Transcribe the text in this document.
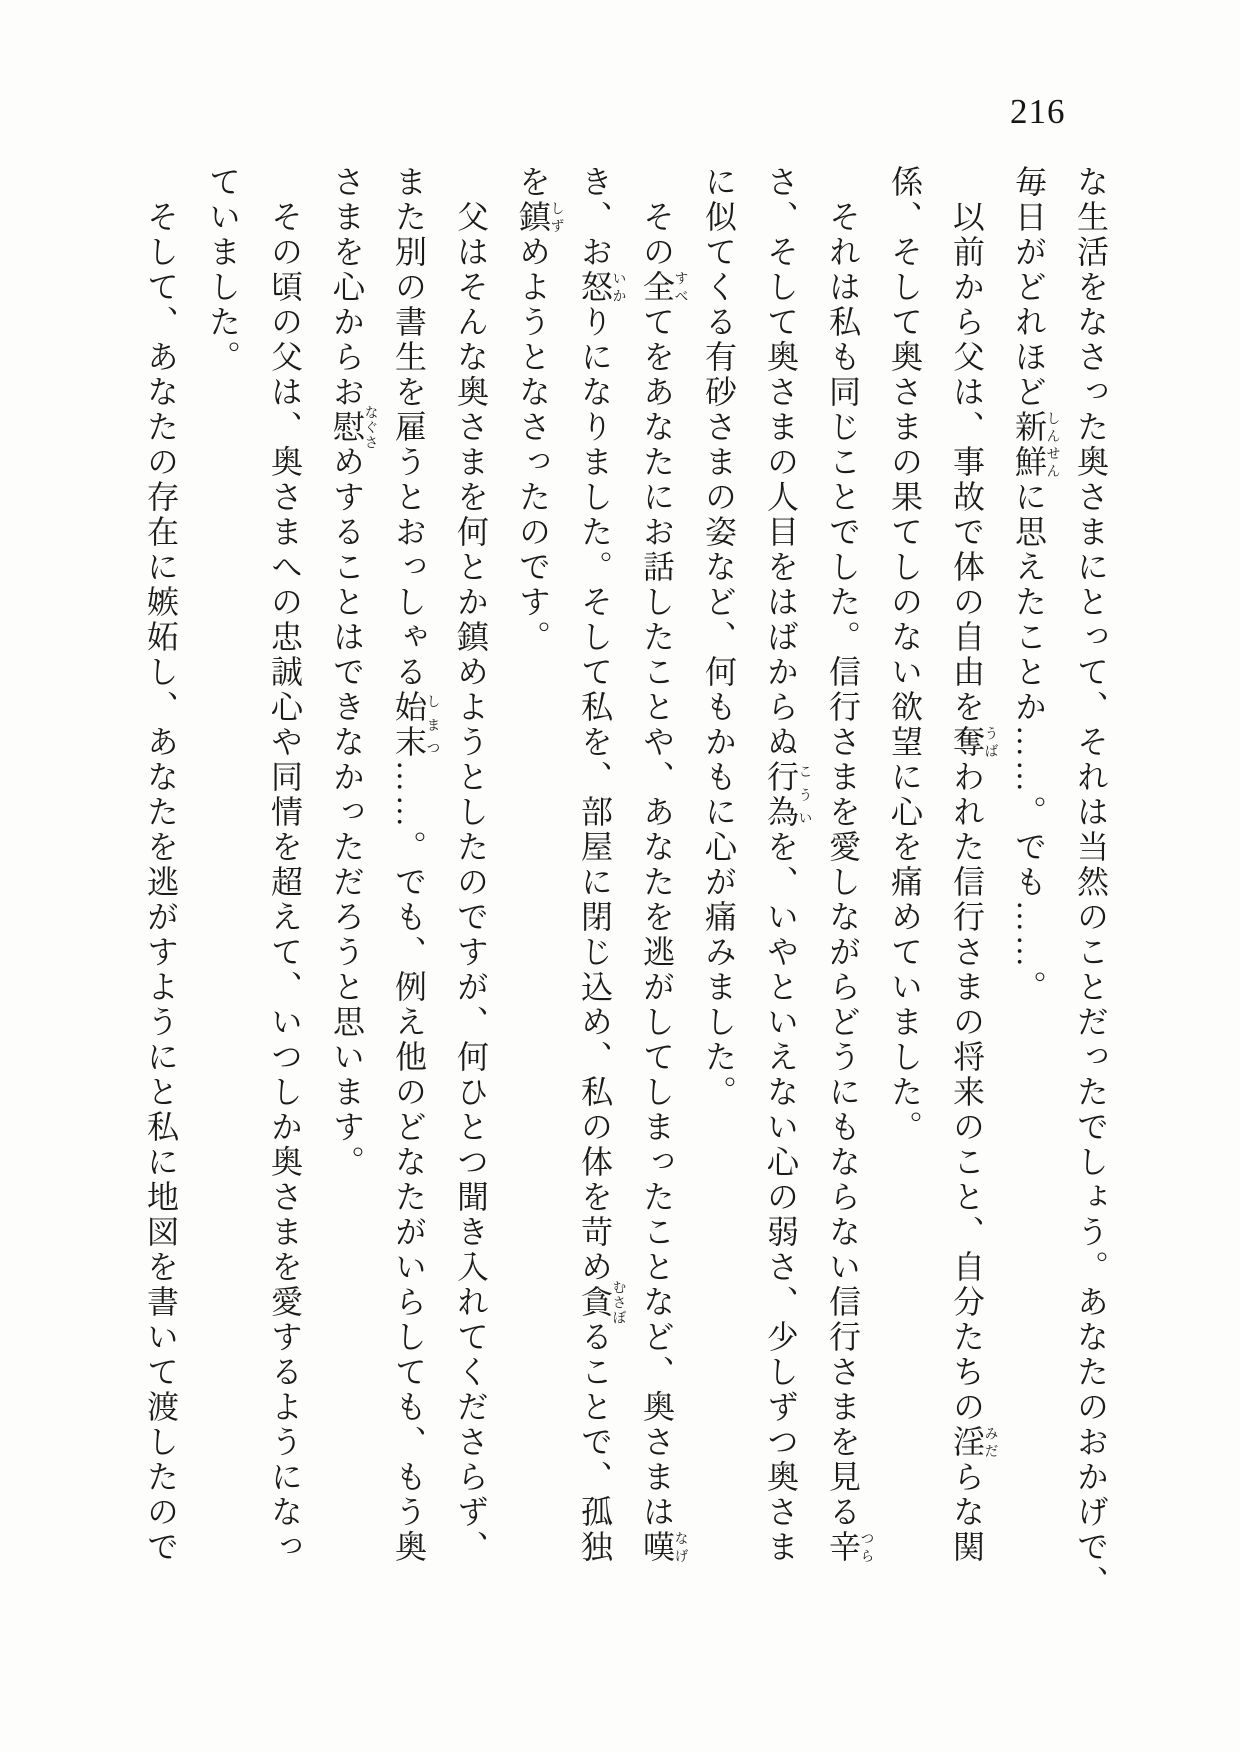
216

な生活をなさった奥さまにとって、それは当然のことだったでしょう。あなたのおかげで、

毎日がどれほど新鮮しんせんに思えたことか……。でも……。

　以前から父は、事故で体の自由を奪うばわれた信行さまの将来のこと、自分たちの淫みだらな関

係、そして奥さまの果てしのない欲望に心を痛めていました。

　それは私も同じことでした。信行さまを愛しながらどうにもならない信行さまを見る辛つら

さ、そして奥さまの人目をはばからぬ行為こういを、いやといえない心の弱さ、少しずつ奥さま

に似てくる有砂さまの姿など、何もかもに心が痛みました。

　その全すべてをあなたにお話したことや、あなたを逃がしてしまったことなど、奥さまは嘆なげ

き、お怒いかりになりました。そして私を、部屋に閉じ込め、私の体を苛め貪むさぼることで、孤独

を鎮しずめようとなさったのです。

　父はそんな奥さまを何とか鎮めようとしたのですが、何ひとつ聞き入れてくださらず、

また別の書生を雇うとおっしゃる始末しまつ……。でも、例え他のどなたがいらしても、もう奥

さまを心からお慰なぐさめすることはできなかっただろうと思います。

　その頃の父は、奥さまへの忠誠心や同情を超えて、いつしか奥さまを愛するようになっ

ていました。

　そして、あなたの存在に嫉妬し、あなたを逃がすようにと私に地図を書いて渡したので
